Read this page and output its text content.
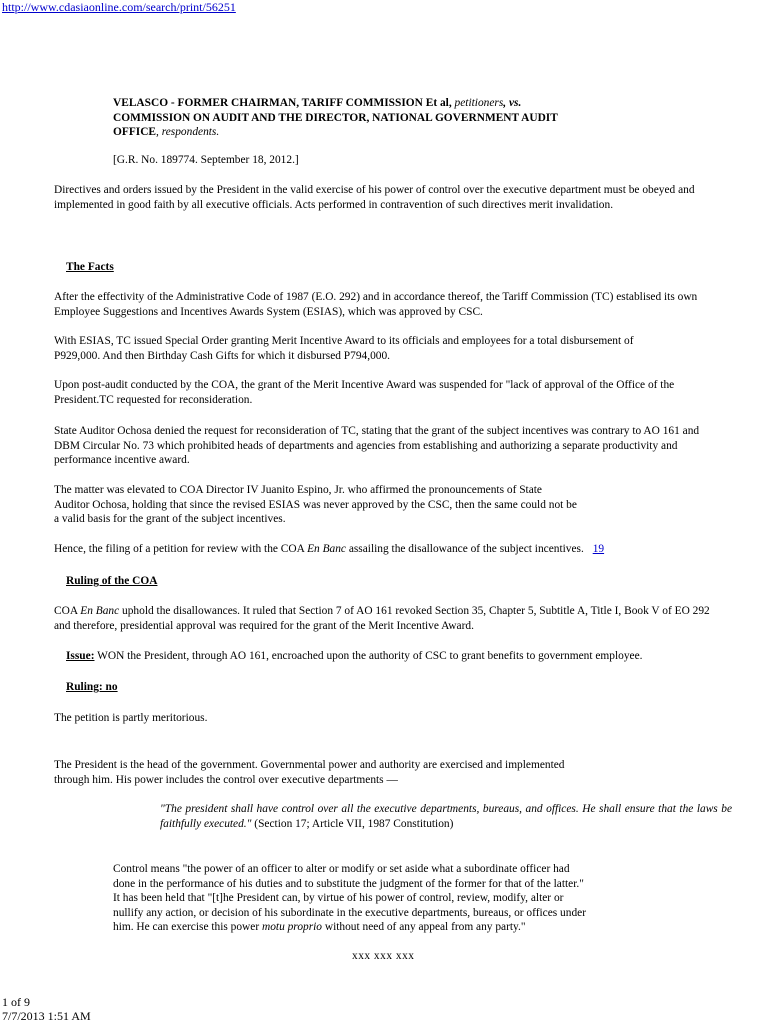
http://www.cdasiaonline.com/search/print/56251
VELASCO - FORMER CHAIRMAN, TARIFF COMMISSION Et al, petitioners, vs.
COMMISSION ON AUDIT AND THE DIRECTOR, NATIONAL GOVERNMENT AUDIT
OFFICE, respondents.
[G.R. No. 189774. September 18, 2012.]

Directives and orders issued by the President in the valid exercise of his power of control over the executive department must be obeyed and implemented in good faith by all executive officials. Acts performed in contravention of such directives merit invalidation.

The Facts

After the effectivity of the Administrative Code of 1987 (E.O. 292) and in accordance thereof, the Tariff Commission (TC) establised its own Employee Suggestions and Incentives Awards System (ESIAS), which was approved by CSC.

With ESIAS, TC issued Special Order granting Merit Incentive Award to its officials and employees for a total disbursement of P929,000. And then Birthday Cash Gifts for which it disbursed P794,000.

Upon post-audit conducted by the COA, the grant of the Merit Incentive Award was suspended for "lack of approval of the Office of the President.TC requested for reconsideration.

State Auditor Ochosa denied the request for reconsideration of TC, stating that the grant of the subject incentives was contrary to AO 161 and DBM Circular No. 73 which prohibited heads of departments and agencies from establishing and authorizing a separate productivity and performance incentive award.

The matter was elevated to COA Director IV Juanito Espino, Jr. who affirmed the pronouncements of State
Auditor Ochosa, holding that since the revised ESIAS was never approved by the CSC, then the same could not be
a valid basis for the grant of the subject incentives.
Hence, the filing of a petition for review with the COA En Banc assailing the disallowance of the subject incentives. 19
Ruling of the COA
COA En Banc uphold the disallowances. It ruled that Section 7 of AO 161 revoked Section 35, Chapter 5, Subtitle A, Title I, Book V of EO 292 and therefore, presidential approval was required for the grant of the Merit Incentive Award.
Issue: WON the President, through AO 161, encroached upon the authority of CSC to grant benefits to government employee.
Ruling: no
The petition is partly meritorious.

The President is the head of the government. Governmental power and authority are exercised and implemented through him. His power includes the control over executive departments —

"The president shall have control over all the executive departments, bureaus, and offices. He shall ensure that the laws be faithfully executed." (Section 17; Article VII, 1987 Constitution)
Control means "the power of an officer to alter or modify or set aside what a subordinate officer had
done in the performance of his duties and to substitute the judgment of the former for that of the latter."
It has been held that "[t]he President can, by virtue of his power of control, review, modify, alter or
nullify any action, or decision of his subordinate in the executive departments, bureaus, or offices under
him. He can exercise this power motu proprio without need of any appeal from any party."
xxx xxx xxx
1 of 9
7/7/2013 1:51 AM
